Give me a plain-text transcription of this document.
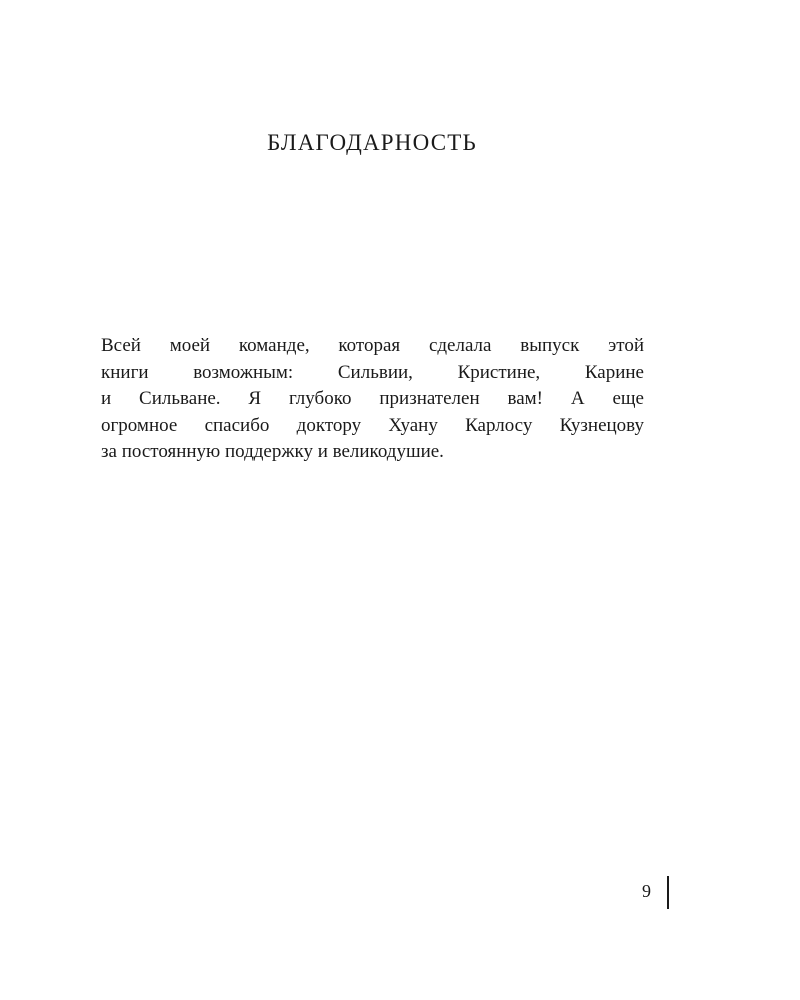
БЛАГОДАРНОСТЬ
Всей моей команде, которая сделала выпуск этой
книги возможным: Сильвии, Кристине, Карине
и Сильване. Я глубоко признателен вам! А еще
огромное спасибо доктору Хуану Карлосу Кузнецову
за постоянную поддержку и великодушие.
9
